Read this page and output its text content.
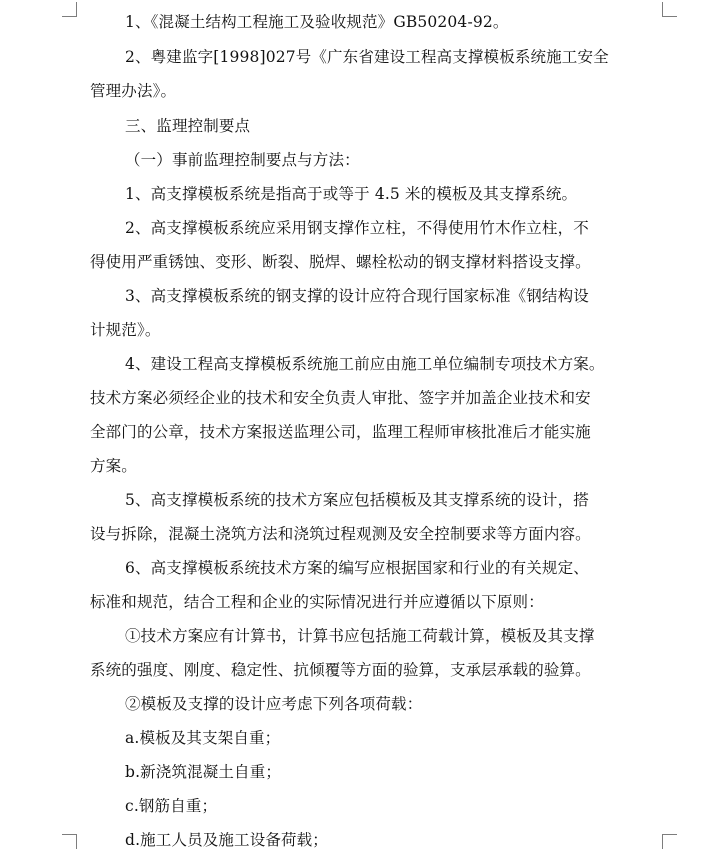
1、《混凝土结构工程施工及验收规范》GB50204-92。
2、粤建监字[1998]027号《广东省建设工程高支撑模板系统施工安全
管理办法》。
三、监理控制要点
（一）事前监理控制要点与方法：
1、高支撑模板系统是指高于或等于 4.5 米的模板及其支撑系统。
2、高支撑模板系统应采用钢支撑作立柱，不得使用竹木作立柱，不
得使用严重锈蚀、变形、断裂、脱焊、螺栓松动的钢支撑材料搭设支撑。
3、高支撑模板系统的钢支撑的设计应符合现行国家标准《钢结构设
计规范》。
4、建设工程高支撑模板系统施工前应由施工单位编制专项技术方案。
技术方案必须经企业的技术和安全负责人审批、签字并加盖企业技术和安
全部门的公章，技术方案报送监理公司，监理工程师审核批准后才能实施
方案。
5、高支撑模板系统的技术方案应包括模板及其支撑系统的设计，搭
设与拆除，混凝土浇筑方法和浇筑过程观测及安全控制要求等方面内容。
6、高支撑模板系统技术方案的编写应根据国家和行业的有关规定、
标准和规范，结合工程和企业的实际情况进行并应遵循以下原则：
①技术方案应有计算书，计算书应包括施工荷载计算，模板及其支撑
系统的强度、刚度、稳定性、抗倾覆等方面的验算，支承层承载的验算。
②模板及支撑的设计应考虑下列各项荷载：
a.模板及其支架自重；
b.新浇筑混凝土自重；
c.钢筋自重；
d.施工人员及施工设备荷载；
